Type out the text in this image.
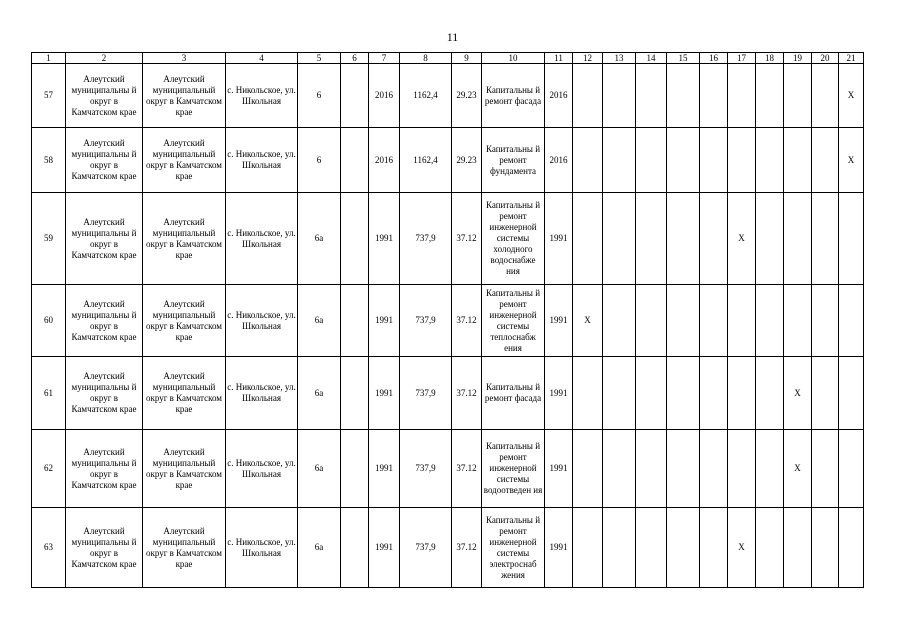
11
1	2	3	4	5	6	7	8	9	10	11	12	13	14	15	16	17	18	19	20	21
57	Алеутский муниципальны й округ в Камчатском крае	Алеутский муниципальный округ в Камчатском крае	с. Никольское, ул. Школьная	6		2016	1162,4	29.23	Капитальны й ремонт фасада	2016										X
58	Алеутский муниципальны й округ в Камчатском крае	Алеутский муниципальный округ в Камчатском крае	с. Никольское, ул. Школьная	6		2016	1162,4	29.23	Капитальны й ремонт фундамента	2016										X
59	Алеутский муниципальны й округ в Камчатском крае	Алеутский муниципальный округ в Камчатском крае	с. Никольское, ул. Школьная	6а		1991	737,9	37.12	Капитальны й ремонт инженерной системы холодного водоснабже ния	1991						X				
60	Алеутский муниципальны й округ в Камчатском крае	Алеутский муниципальный округ в Камчатском крае	с. Никольское, ул. Школьная	6а		1991	737,9	37.12	Капитальны й ремонт инженерной системы теплоснабж ения	1991	X									
61	Алеутский муниципальны й округ в Камчатском крае	Алеутский муниципальный округ в Камчатском крае	с. Никольское, ул. Школьная	6а		1991	737,9	37.12	Капитальны й ремонт фасада	1991								X		
62	Алеутский муниципальны й округ в Камчатском крае	Алеутский муниципальный округ в Камчатском крае	с. Никольское, ул. Школьная	6а		1991	737,9	37.12	Капитальны й ремонт инженерной системы водоотведен ия	1991								X		
63	Алеутский муниципальны й округ в Камчатском крае	Алеутский муниципальный округ в Камчатском крае	с. Никольское, ул. Школьная	6а		1991	737,9	37.12	Капитальны й ремонт инженерной системы электроснаб жения	1991						X				
